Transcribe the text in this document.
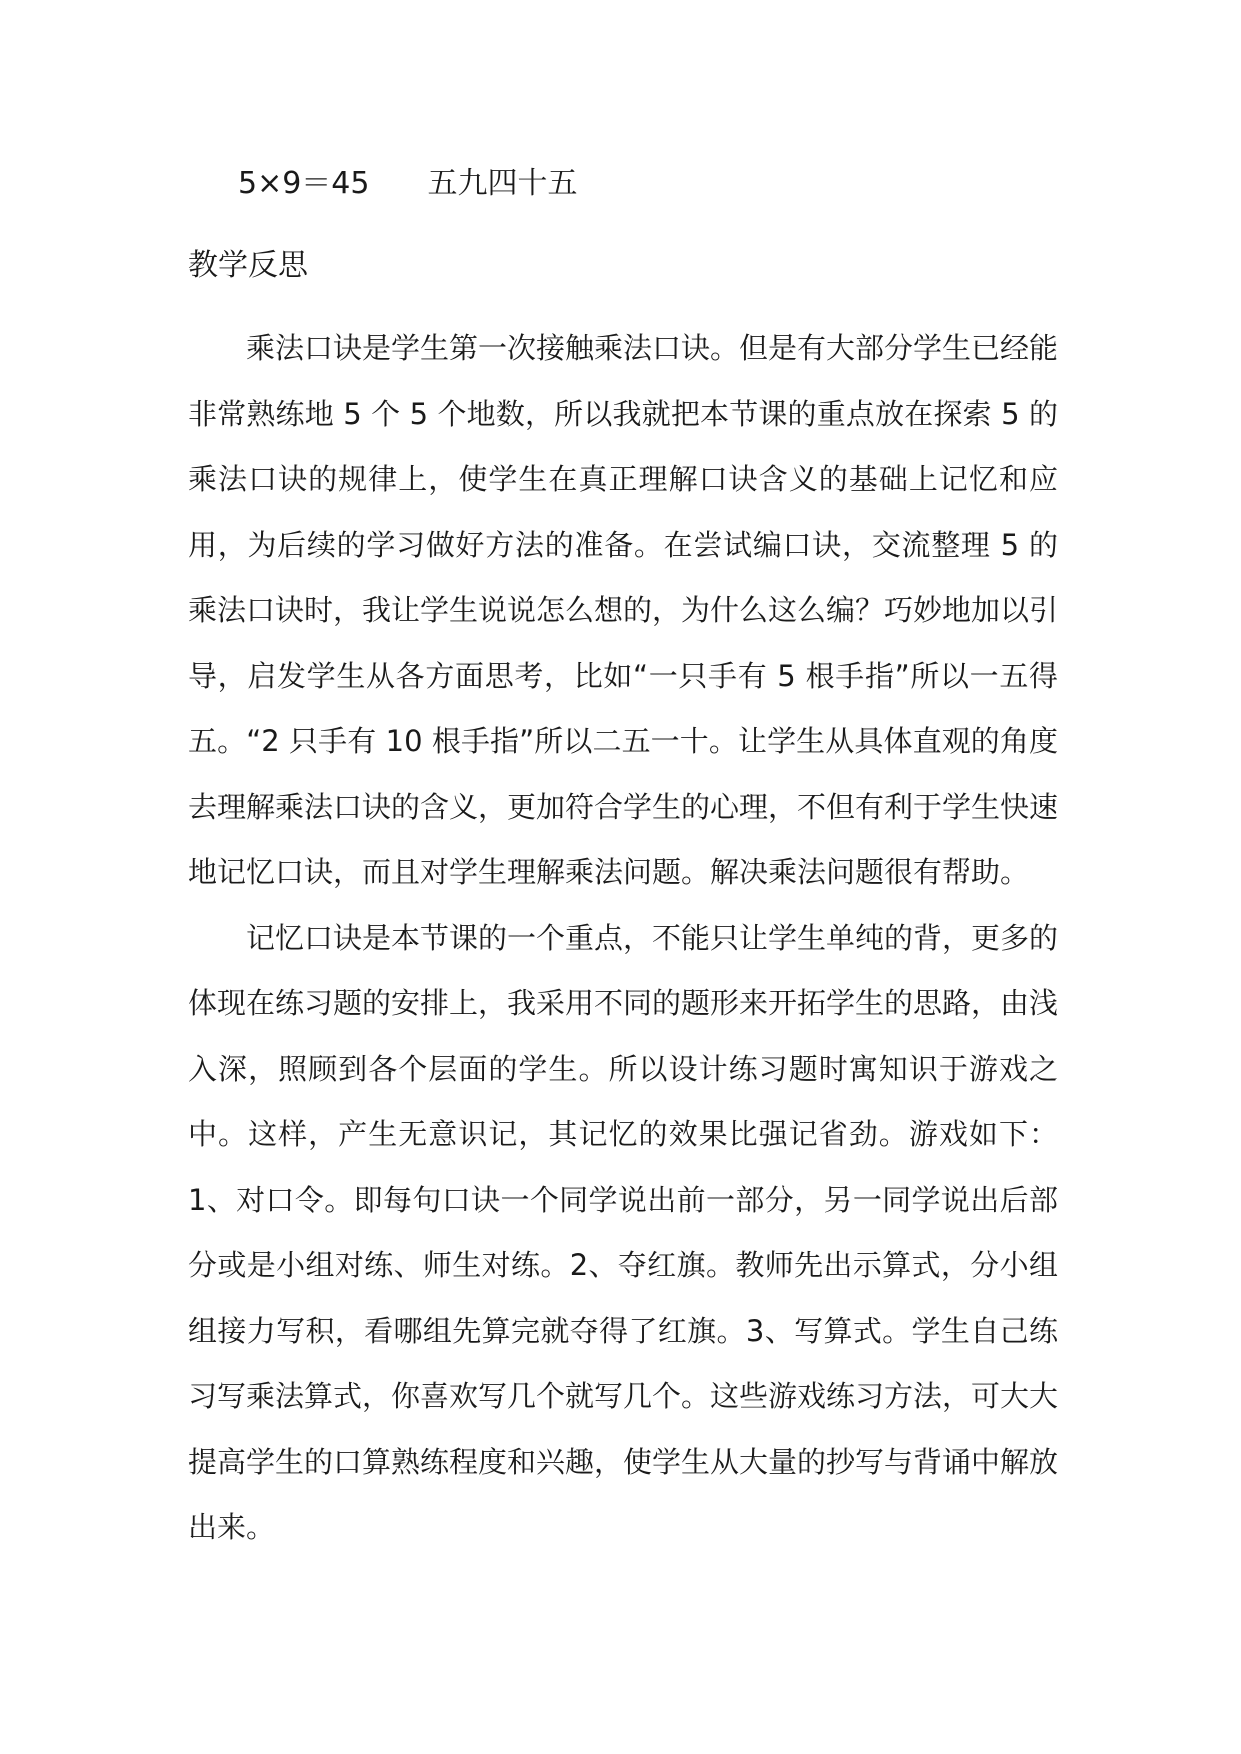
5×9＝45 五九四十五
教学反思

乘法口诀是学生第一次接触乘法口诀。但是有大部分学生已经能非常熟练地 5 个 5 个地数，所以我就把本节课的重点放在探索 5 的乘法口诀的规律上，使学生在真正理解口诀含义的基础上记忆和应用，为后续的学习做好方法的准备。在尝试编口诀，交流整理 5 的乘法口诀时，我让学生说说怎么想的，为什么这么编？巧妙地加以引导，启发学生从各方面思考，比如“一只手有 5 根手指”所以一五得五。“2 只手有 10 根手指”所以二五一十。让学生从具体直观的角度去理解乘法口诀的含义，更加符合学生的心理，不但有利于学生快速地记忆口诀，而且对学生理解乘法问题。解决乘法问题很有帮助。

记忆口诀是本节课的一个重点，不能只让学生单纯的背，更多的体现在练习题的安排上，我采用不同的题形来开拓学生的思路，由浅入深，照顾到各个层面的学生。所以设计练习题时寓知识于游戏之中。这样，产生无意识记，其记忆的效果比强记省劲。游戏如下：1、对口令。即每句口诀一个同学说出前一部分，另一同学说出后部分或是小组对练、师生对练。2、夺红旗。教师先出示算式，分小组组接力写积，看哪组先算完就夺得了红旗。3、写算式。学生自己练习写乘法算式，你喜欢写几个就写几个。这些游戏练习方法，可大大提高学生的口算熟练程度和兴趣，使学生从大量的抄写与背诵中解放出来。
